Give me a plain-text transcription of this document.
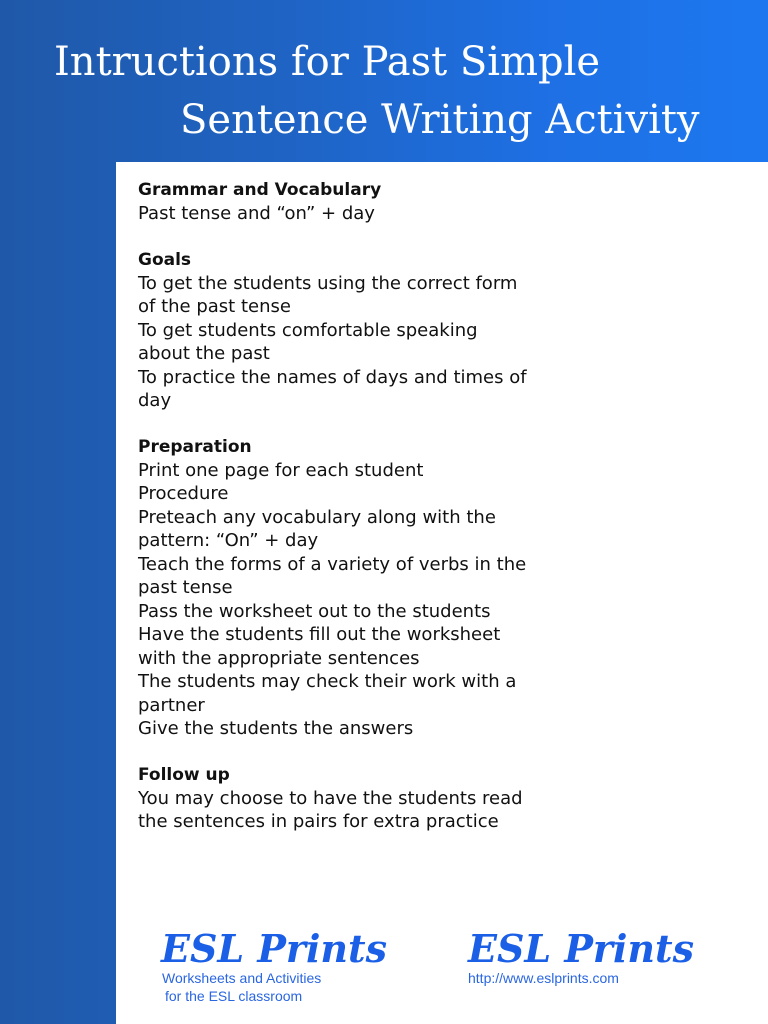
Intructions for Past Simple
Sentence Writing Activity
Grammar and Vocabulary
Past tense and “on” + day
Goals
To get the students using the correct form
of the past tense
To get students comfortable speaking
about the past
To practice the names of days and times of
day
Preparation
Print one page for each student
Procedure
Preteach any vocabulary along with the
pattern: “On” + day
Teach the forms of a variety of verbs in the
past tense
Pass the worksheet out to the students
Have the students fill out the worksheet
with the appropriate sentences
The students may check their work with a
partner
Give the students the answers
Follow up
You may choose to have the students read
the sentences in pairs for extra practice
ESL Prints
Worksheets and Activities
for the ESL classroom
ESL Prints
http://www.eslprints.com
